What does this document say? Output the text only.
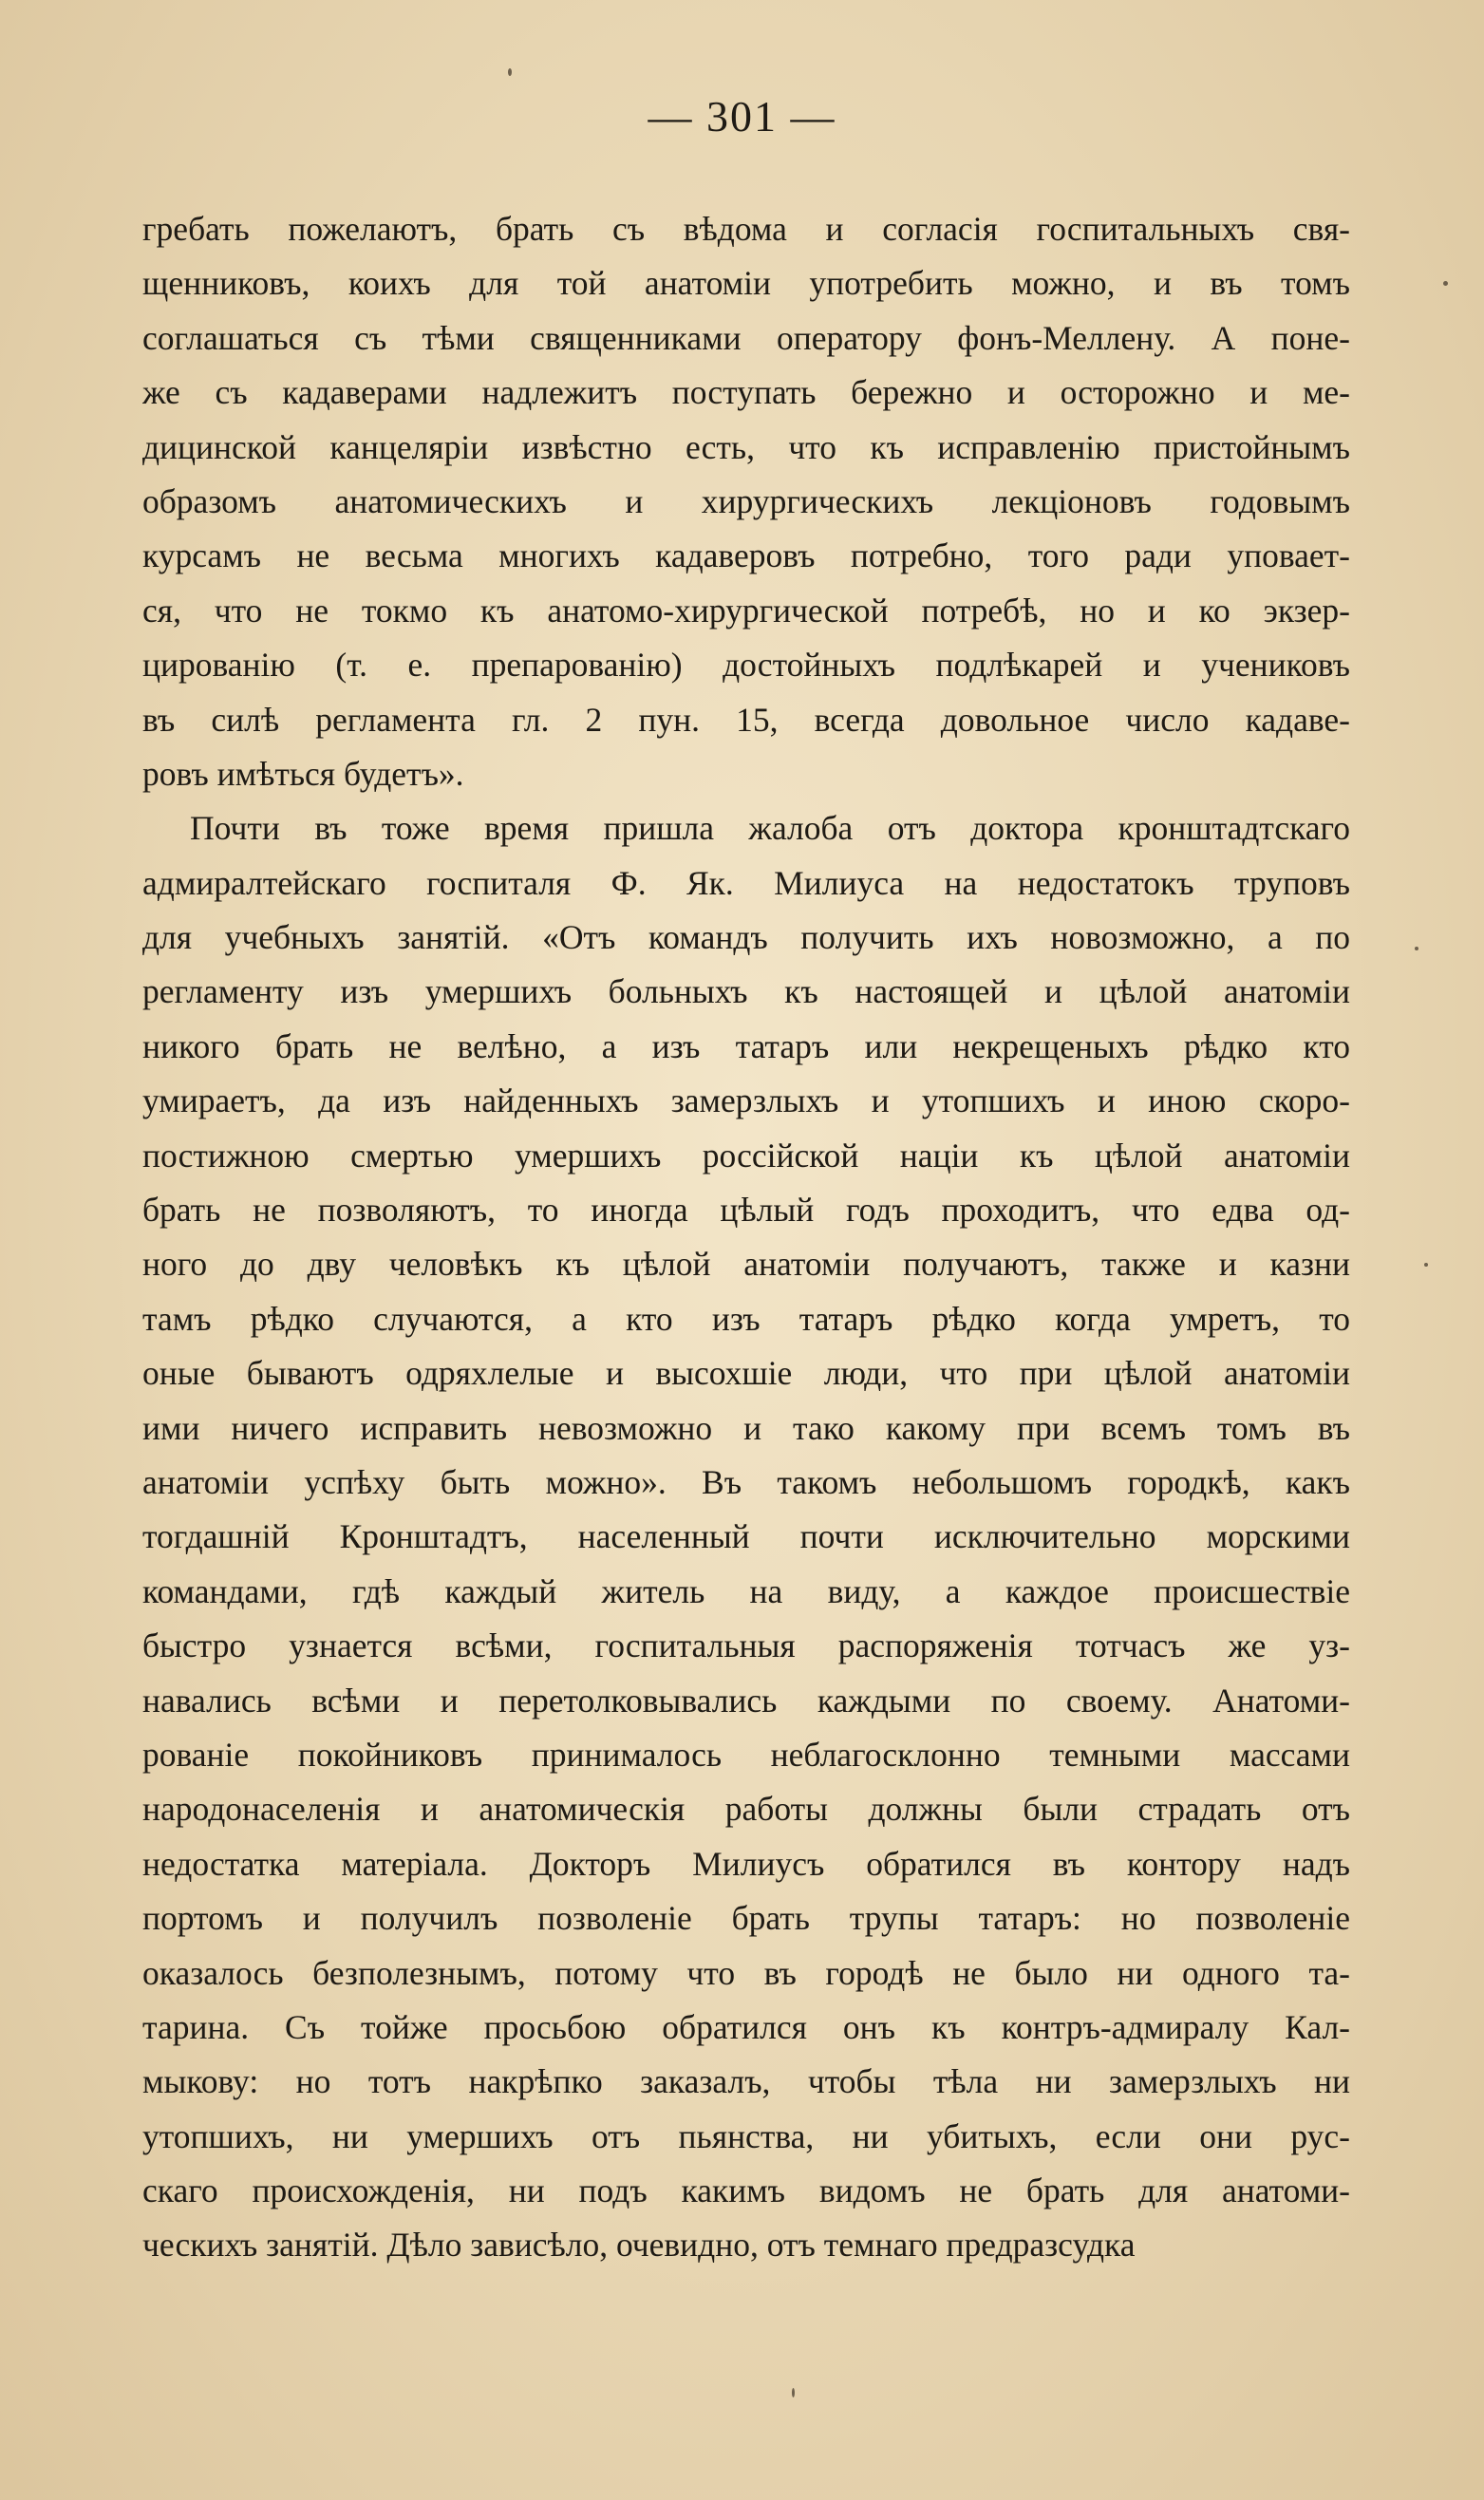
— 301 —
гребать пожелаютъ, брать съ вѣдома и согласія госпитальныхъ свя-
щенниковъ, коихъ для той анатоміи употребить можно, и въ томъ
соглашаться съ тѣми священниками оператору фонъ-Меллену. А поне-
же съ кадаверами надлежитъ поступать бережно и осторожно и ме-
дицинской канцеляріи извѣстно есть, что къ исправленію пристойнымъ
образомъ анатомическихъ и хирургическихъ лекціоновъ годовымъ
курсамъ не весьма многихъ кадаверовъ потребно, того ради уповает-
ся, что не токмо къ анатомо-хирургической потребѣ, но и ко экзер-
цированію (т. е. препарованію) достойныхъ подлѣкарей и учениковъ
въ силѣ регламента гл. 2 пун. 15, всегда довольное число кадаве-
ровъ имѣться будетъ».
Почти въ тоже время пришла жалоба отъ доктора кронштадтскаго
адмиралтейскаго госпиталя Ф. Як. Милиуса на недостатокъ труповъ
для учебныхъ занятій. «Отъ командъ получить ихъ новозможно, а по
регламенту изъ умершихъ больныхъ къ настоящей и цѣлой анатоміи
никого брать не велѣно, а изъ татаръ или некрещеныхъ рѣдко кто
умираетъ, да изъ найденныхъ замерзлыхъ и утопшихъ и иною скоро-
постижною смертью умершихъ россійской націи къ цѣлой анатоміи
брать не позволяютъ, то иногда цѣлый годъ проходитъ, что едва од-
ного до дву человѣкъ къ цѣлой анатоміи получаютъ, также и казни
тамъ рѣдко случаются, а кто изъ татаръ рѣдко когда умретъ, то
оные бываютъ одряхлелые и высохшіе люди, что при цѣлой анатоміи
ими ничего исправить невозможно и тако какому при всемъ томъ въ
анатоміи успѣху быть можно». Въ такомъ небольшомъ городкѣ, какъ
тогдашній Кронштадтъ, населенный почти исключительно морскими
командами, гдѣ каждый житель на виду, а каждое происшествіе
быстро узнается всѣми, госпитальныя распоряженія тотчасъ же уз-
навались всѣми и перетолковывались каждыми по своему. Анатоми-
рованіе покойниковъ принималось неблагосклонно темными массами
народонаселенія и анатомическія работы должны были страдать отъ
недостатка матеріала. Докторъ Милиусъ обратился въ контору надъ
портомъ и получилъ позволеніе брать трупы татаръ: но позволеніе
оказалось безполезнымъ, потому что въ городѣ не было ни одного та-
тарина. Съ тойже просьбою обратился онъ къ контръ-адмиралу Кал-
мыкову: но тотъ накрѣпко заказалъ, чтобы тѣла ни замерзлыхъ ни
утопшихъ, ни умершихъ отъ пьянства, ни убитыхъ, если они рус-
скаго происхожденія, ни подъ какимъ видомъ не брать для анатоми-
ческихъ занятій. Дѣло зависѣло, очевидно, отъ темнаго предразсудка
